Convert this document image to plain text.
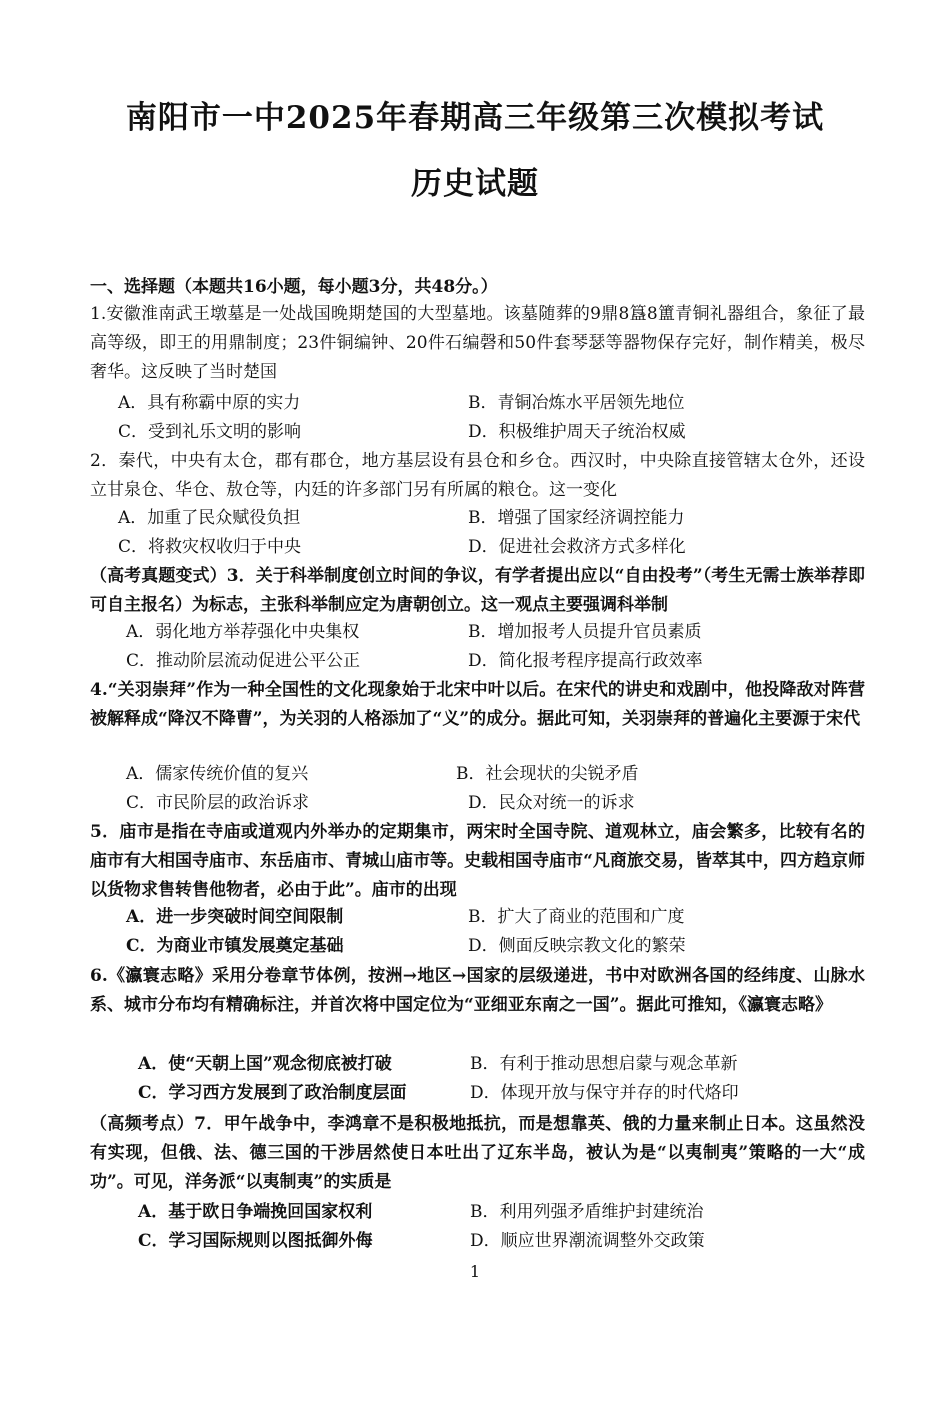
南阳市一中2025年春期高三年级第三次模拟考试
历史试题
一、选择题（本题共16小题，每小题3分，共48分。）
1.安徽淮南武王墩墓是一处战国晚期楚国的大型墓地。该墓随葬的9鼎8簋8簠青铜礼器组合，象征了最高等级，即王的用鼎制度；23件铜编钟、20件石编磬和50件套琴瑟等器物保存完好，制作精美，极尽奢华。这反映了当时楚国
A．具有称霸中原的实力	B．青铜冶炼水平居领先地位
C．受到礼乐文明的影响	D．积极维护周天子统治权威
2．秦代，中央有太仓，郡有郡仓，地方基层设有县仓和乡仓。西汉时，中央除直接管辖太仓外，还设立甘泉仓、华仓、敖仓等，内廷的许多部门另有所属的粮仓。这一变化
A．加重了民众赋役负担	B．增强了国家经济调控能力
C．将救灾权收归于中央	D．促进社会救济方式多样化
（高考真题变式）3．关于科举制度创立时间的争议，有学者提出应以“自由投考”（考生无需士族举荐即可自主报名）为标志，主张科举制应定为唐朝创立。这一观点主要强调科举制
A．弱化地方举荐强化中央集权	B．增加报考人员提升官员素质
C．推动阶层流动促进公平公正	D．简化报考程序提高行政效率
4.“关羽崇拜”作为一种全国性的文化现象始于北宋中叶以后。在宋代的讲史和戏剧中，他投降敌对阵营被解释成“降汉不降曹”，为关羽的人格添加了“义”的成分。据此可知，关羽崇拜的普遍化主要源于宋代
A．儒家传统价值的复兴	B．社会现状的尖锐矛盾
C．市民阶层的政治诉求	D．民众对统一的诉求
5．庙市是指在寺庙或道观内外举办的定期集市，两宋时全国寺院、道观林立，庙会繁多，比较有名的庙市有大相国寺庙市、东岳庙市、青城山庙市等。史载相国寺庙市“凡商旅交易，皆萃其中，四方趋京师以货物求售转售他物者，必由于此”。庙市的出现
A．进一步突破时间空间限制	B．扩大了商业的范围和广度
C．为商业市镇发展奠定基础	D．侧面反映宗教文化的繁荣
6.《瀛寰志略》采用分卷章节体例，按洲→地区→国家的层级递进，书中对欧洲各国的经纬度、山脉水系、城市分布均有精确标注，并首次将中国定位为“亚细亚东南之一国”。据此可推知，《瀛寰志略》
A．使“天朝上国”观念彻底被打破	B．有利于推动思想启蒙与观念革新
C．学习西方发展到了政治制度层面	D．体现开放与保守并存的时代烙印
（高频考点）7．甲午战争中，李鸿章不是积极地抵抗，而是想靠英、俄的力量来制止日本。这虽然没有实现，但俄、法、德三国的干涉居然使日本吐出了辽东半岛，被认为是“以夷制夷”策略的一大“成功”。可见，洋务派“以夷制夷”的实质是
A．基于欧日争端挽回国家权利	B．利用列强矛盾维护封建统治
C．学习国际规则以图抵御外侮	D．顺应世界潮流调整外交政策
1
